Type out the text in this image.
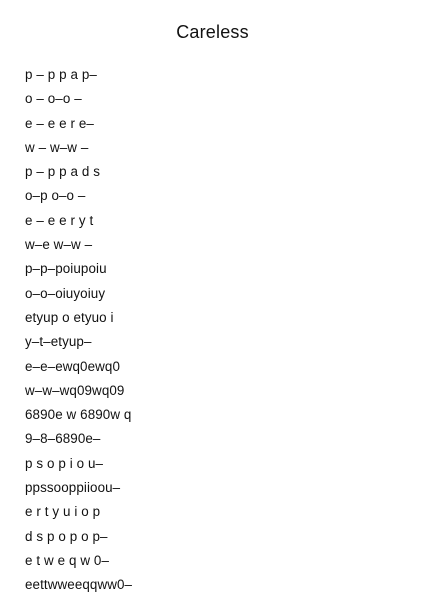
Careless
p – p p a p–
o – o–o –
e – e e r e–
w – w–w –
p – p p a d s
o–p o–o –
e – e e r y t
w–e w–w –
p–p–poiupoiu
o–o–oiuyoiuy
etyup o etyuo i
y–t–etyup–
e–e–ewq0ewq0
w–w–wq09wq09
6890e w 6890w q
9–8–6890e–
p s o p i o u–
ppssooppiioou–
e r t y u i o p
d s p o p o p–
e t w e q w 0–
eettwweeqqww0–
